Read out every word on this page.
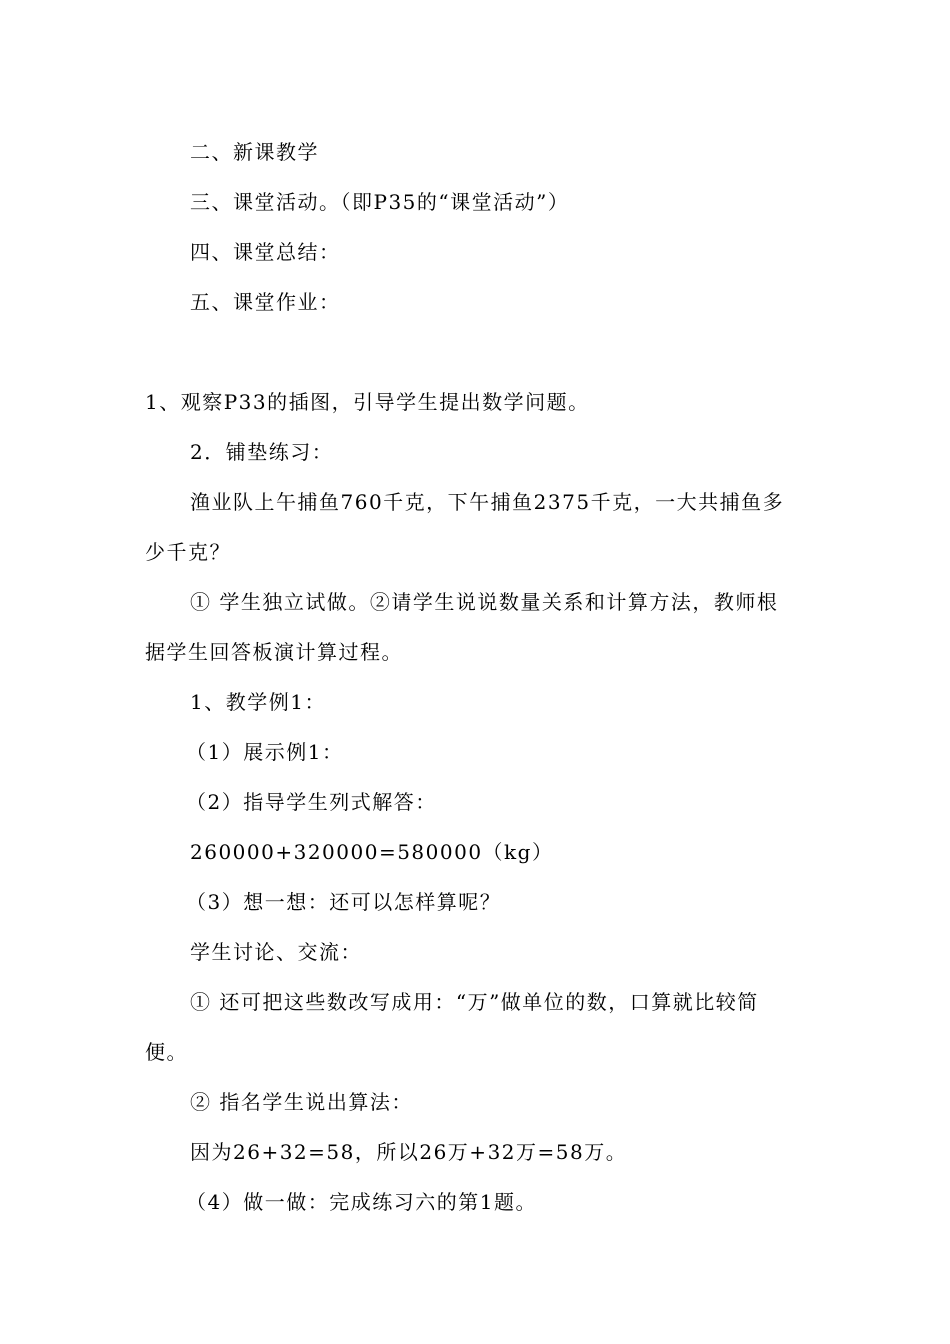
二、新课教学
三、课堂活动。（即P35的“课堂活动”）
四、课堂总结：
五、课堂作业：
1、观察P33的插图，引导学生提出数学问题。
2．铺垫练习：
渔业队上午捕鱼760千克，下午捕鱼2375千克，一大共捕鱼多
少千克？
① 学生独立试做。②请学生说说数量关系和计算方法，教师根
据学生回答板演计算过程。
1、教学例1：
（1）展示例1：
（2）指导学生列式解答：
260000+320000=580000（kg）
（3）想一想：还可以怎样算呢？
学生讨论、交流：
① 还可把这些数改写成用：“万”做单位的数，口算就比较简
便。
② 指名学生说出算法：
因为26+32=58，所以26万+32万=58万。
（4）做一做：完成练习六的第1题。
